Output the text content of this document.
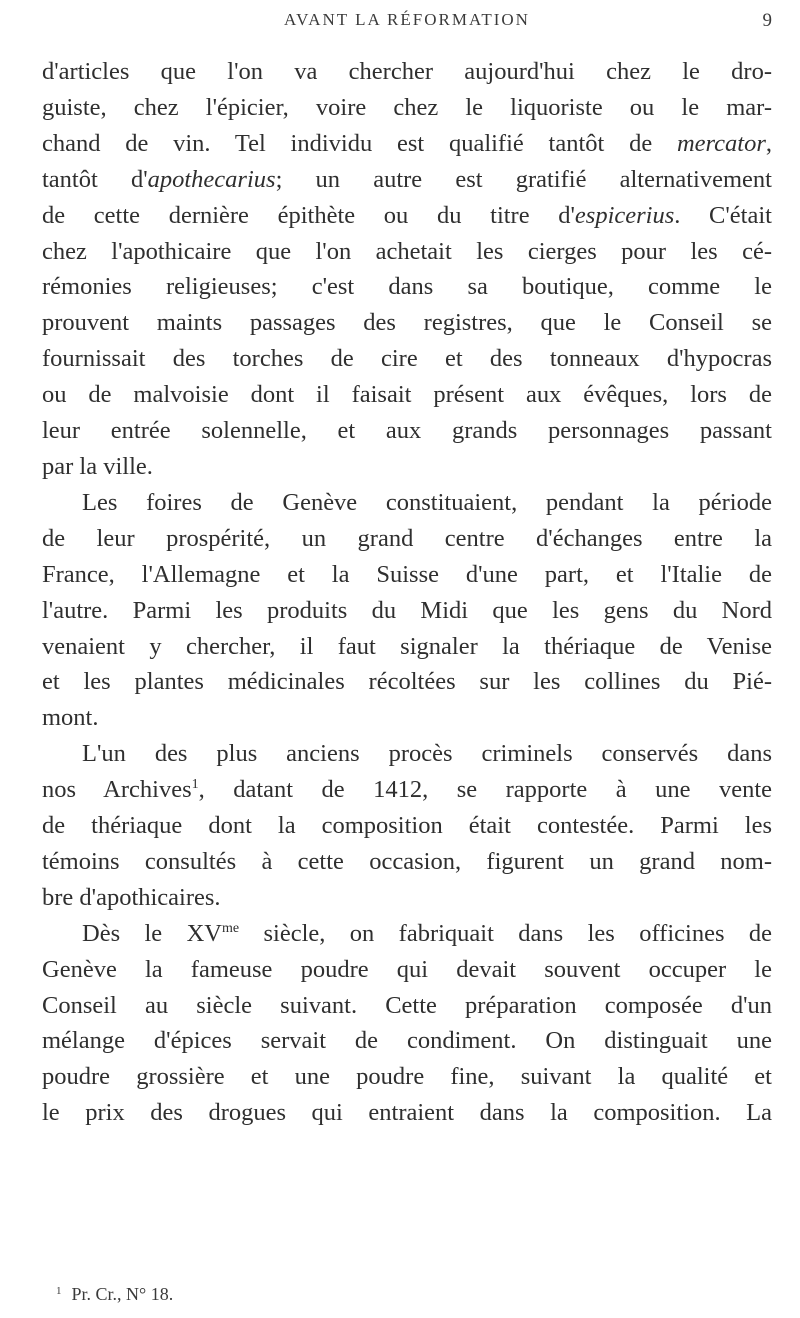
AVANT LA RÉFORMATION	9

d'articles que l'on va chercher aujourd'hui chez le dro-

guiste, chez l'épicier, voire chez le liquoriste ou le mar-

chand de vin. Tel individu est qualifié tantôt de mercator,

tantôt d'apothecarius; un autre est gratifié alternativement

de cette dernière épithète ou du titre d'espicerius. C'était

chez l'apothicaire que l'on achetait les cierges pour les cé-

rémonies religieuses; c'est dans sa boutique, comme le

prouvent maints passages des registres, que le Conseil se

fournissait des torches de cire et des tonneaux d'hypocras

ou de malvoisie dont il faisait présent aux évêques, lors de

leur entrée solennelle, et aux grands personnages passant

par la ville.

Les foires de Genève constituaient, pendant la période

de leur prospérité, un grand centre d'échanges entre la

France, l'Allemagne et la Suisse d'une part, et l'Italie de

l'autre. Parmi les produits du Midi que les gens du Nord

venaient y chercher, il faut signaler la thériaque de Venise

et les plantes médicinales récoltées sur les collines du Pié-

mont.

L'un des plus anciens procès criminels conservés dans

nos Archives$^1$, datant de 1412, se rapporte à une vente

de thériaque dont la composition était contestée. Parmi les

témoins consultés à cette occasion, figurent un grand nom-

bre d'apothicaires.

Dès le $XV^{me}$ siècle, on fabriquait dans les officines de

Genève la fameuse poudre qui devait souvent occuper le

Conseil au siècle suivant. Cette préparation composée d'un

mélange d'épices servait de condiment. On distinguait une

poudre grossière et une poudre fine, suivant la qualité et

le prix des drogues qui entraient dans la composition. La

$^1$ Pr. Cr., N° 18.
